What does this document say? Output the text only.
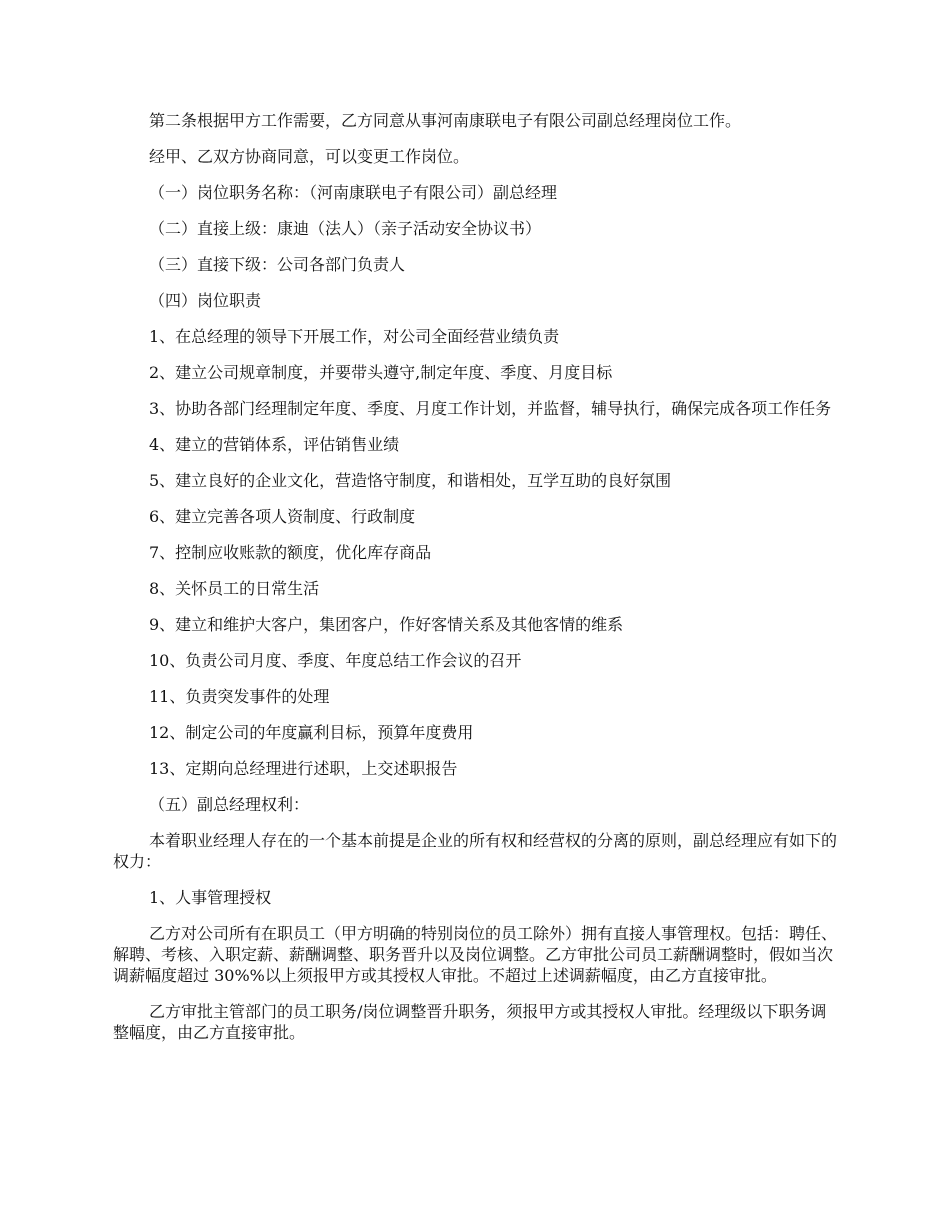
第二条根据甲方工作需要，乙方同意从事河南康联电子有限公司副总经理岗位工作。

经甲、乙双方协商同意，可以变更工作岗位。

（一）岗位职务名称：（河南康联电子有限公司）副总经理

（二）直接上级：康迪（法人）（亲子活动安全协议书）

（三）直接下级：公司各部门负责人

（四）岗位职责

1、在总经理的领导下开展工作，对公司全面经营业绩负责

2、建立公司规章制度，并要带头遵守,制定年度、季度、月度目标

3、协助各部门经理制定年度、季度、月度工作计划，并监督，辅导执行，确保完成各项工作任务

4、建立的营销体系，评估销售业绩

5、建立良好的企业文化，营造恪守制度，和谐相处，互学互助的良好氛围

6、建立完善各项人资制度、行政制度

7、控制应收账款的额度，优化库存商品

8、关怀员工的日常生活

9、建立和维护大客户，集团客户，作好客情关系及其他客情的维系

10、负责公司月度、季度、年度总结工作会议的召开

11、负责突发事件的处理

12、制定公司的年度赢利目标，预算年度费用

13、定期向总经理进行述职，上交述职报告

（五）副总经理权利：

本着职业经理人存在的一个基本前提是企业的所有权和经营权的分离的原则，副总经理应有如下的权力：

1、人事管理授权

乙方对公司所有在职员工（甲方明确的特别岗位的员工除外）拥有直接人事管理权。包括：聘任、解聘、考核、入职定薪、薪酬调整、职务晋升以及岗位调整。乙方审批公司员工薪酬调整时，假如当次调薪幅度超过 30%%以上须报甲方或其授权人审批。不超过上述调薪幅度，由乙方直接审批。

乙方审批主管部门的员工职务/岗位调整晋升职务，须报甲方或其授权人审批。经理级以下职务调整幅度，由乙方直接审批。
